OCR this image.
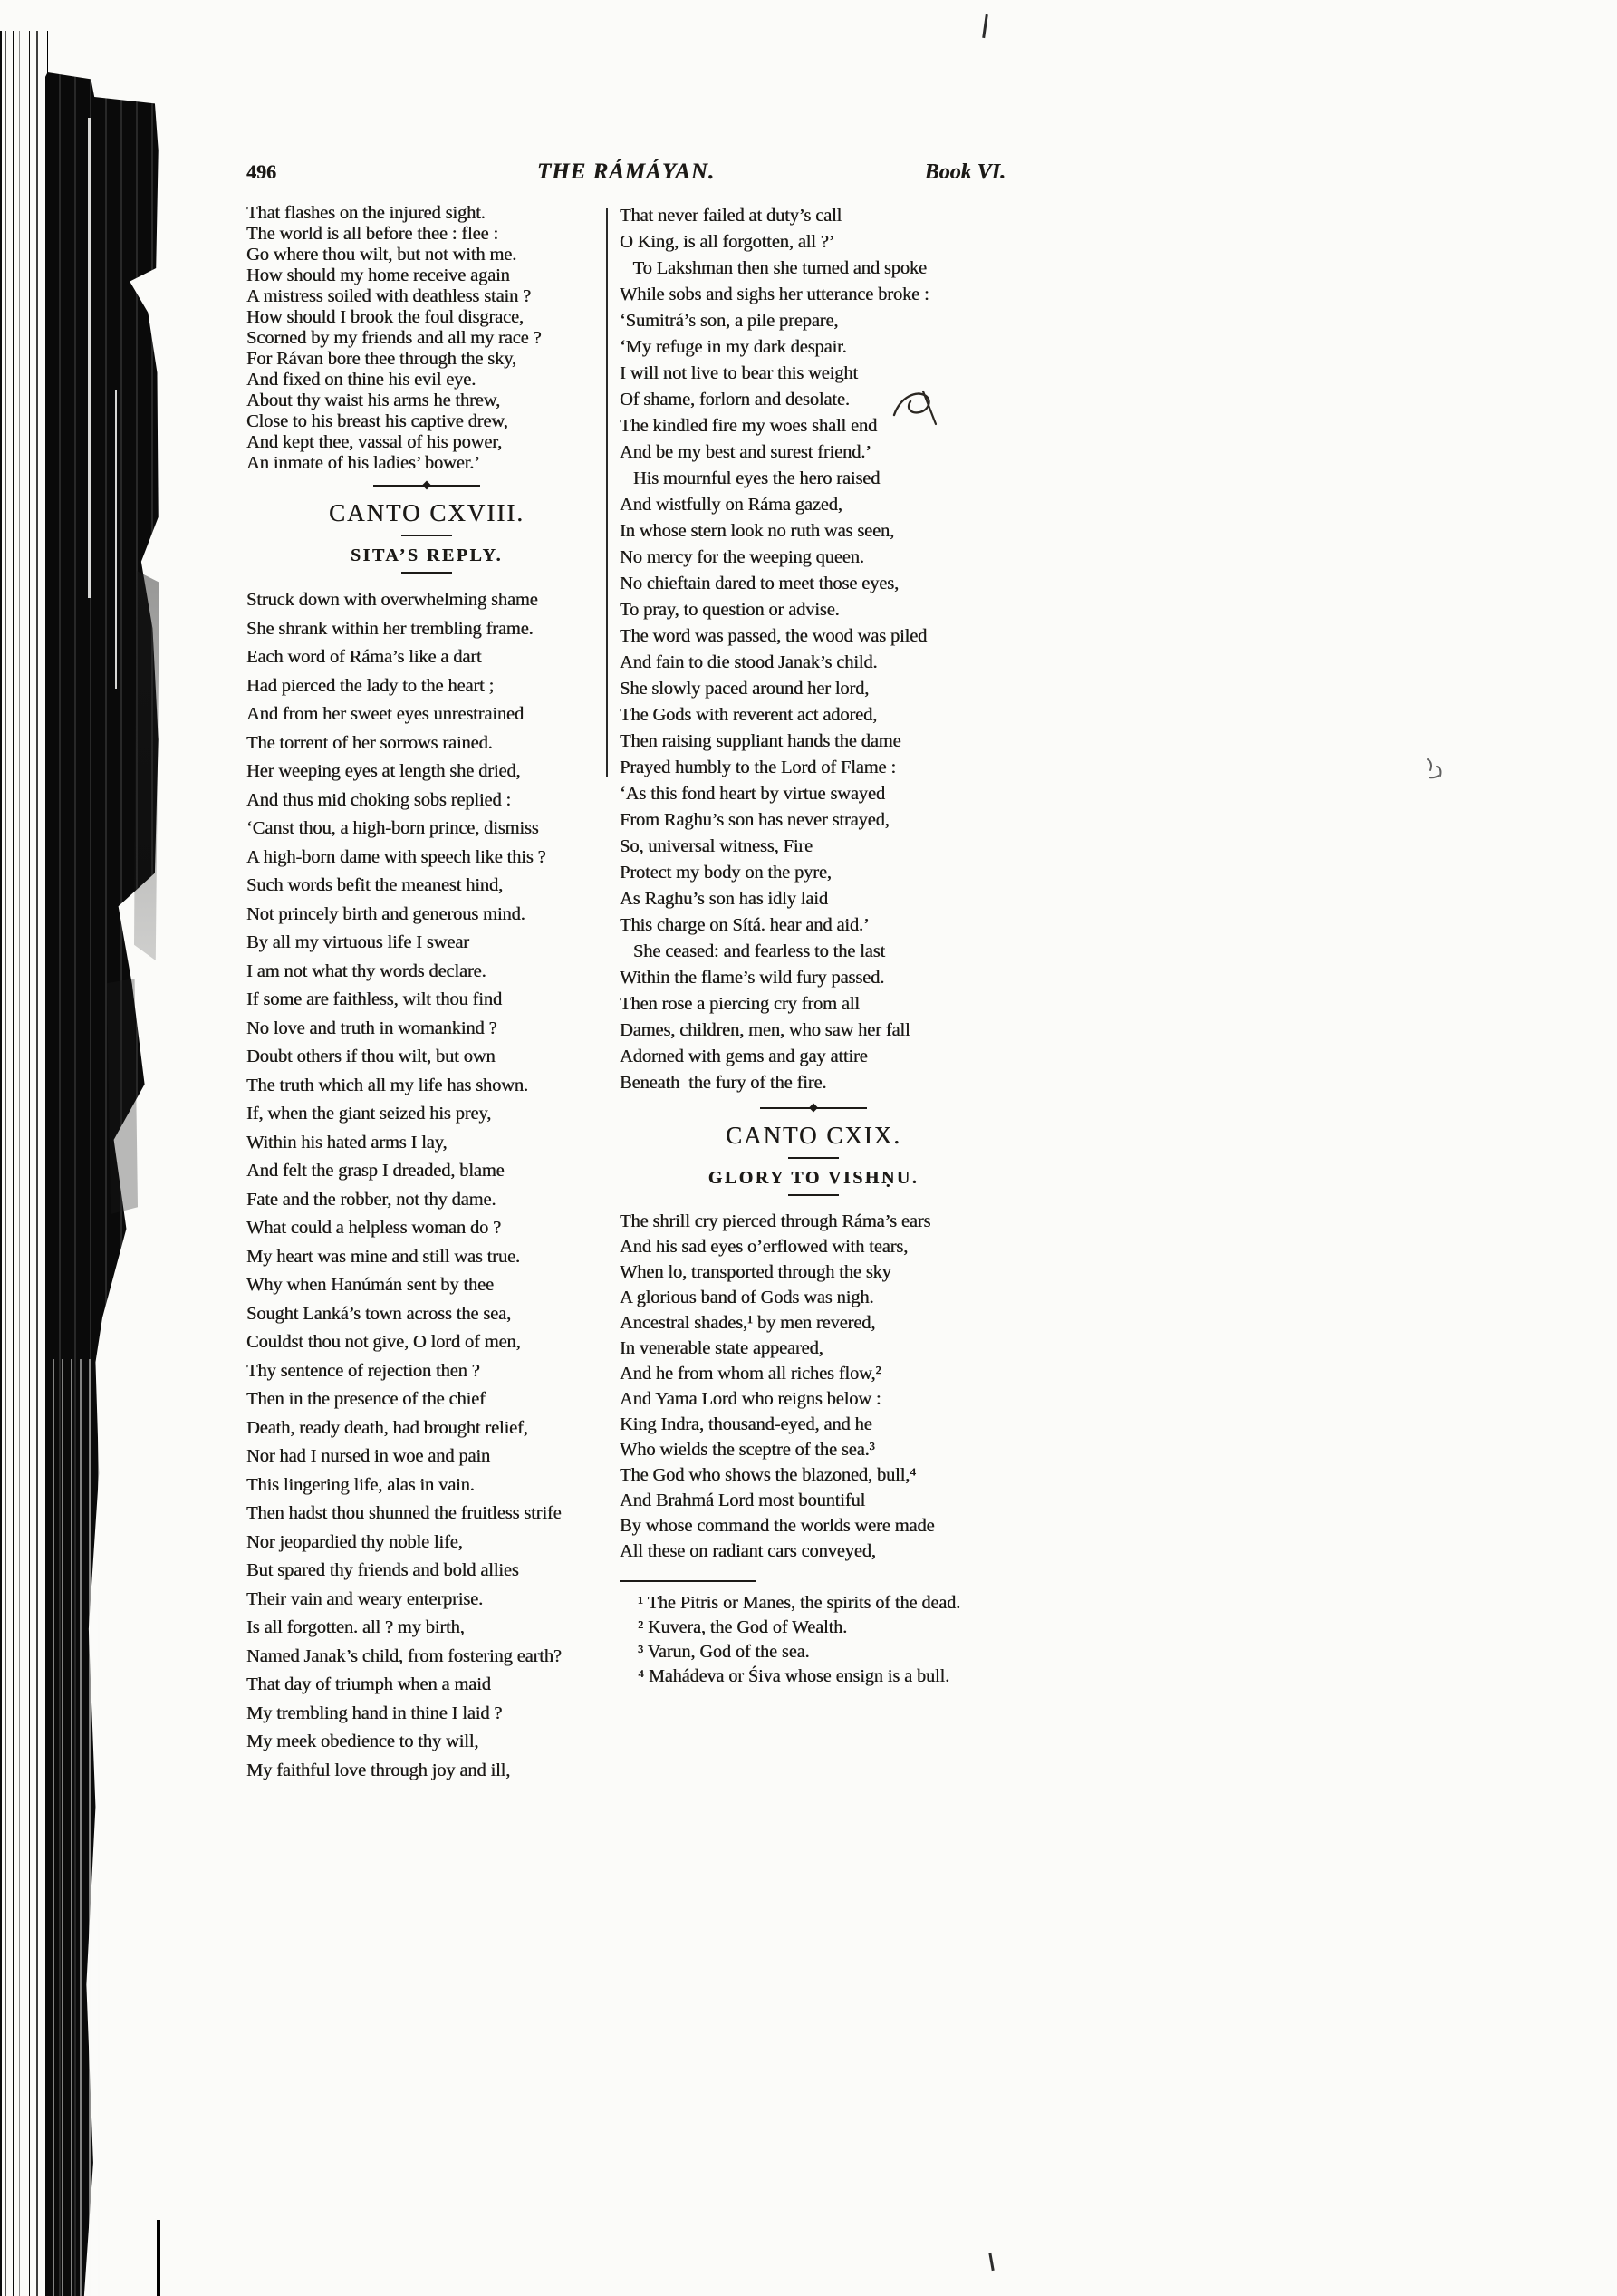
496	THE RÁMÁYAN.	Book VI.
That flashes on the injured sight.
The world is all before thee : flee :
Go where thou wilt, but not with me.
How should my home receive again
A mistress soiled with deathless stain ?
How should I brook the foul disgrace,
Scorned by my friends and all my race ?
For Rávan bore thee through the sky,
And fixed on thine his evil eye.
About thy waist his arms he threw,
Close to his breast his captive drew,
And kept thee, vassal of his power,
An inmate of his ladies’ bower.’
CANTO CXVIII.
SITA’S REPLY.
Struck down with overwhelming shame
She shrank within her trembling frame.
Each word of Ráma’s like a dart
Had pierced the lady to the heart ;
And from her sweet eyes unrestrained
The torrent of her sorrows rained.
Her weeping eyes at length she dried,
And thus mid choking sobs replied :
‘Canst thou, a high-born prince, dismiss
A high-born dame with speech like this ?
Such words befit the meanest hind,
Not princely birth and generous mind.
By all my virtuous life I swear
I am not what thy words declare.
If some are faithless, wilt thou find
No love and truth in womankind ?
Doubt others if thou wilt, but own
The truth which all my life has shown.
If, when the giant seized his prey,
Within his hated arms I lay,
And felt the grasp I dreaded, blame
Fate and the robber, not thy dame.
What could a helpless woman do ?
My heart was mine and still was true.
Why when Hanúmán sent by thee
Sought Lanká’s town across the sea,
Couldst thou not give, O lord of men,
Thy sentence of rejection then ?
Then in the presence of the chief
Death, ready death, had brought relief,
Nor had I nursed in woe and pain
This lingering life, alas in vain.
Then hadst thou shunned the fruitless strife
Nor jeopardied thy noble life,
But spared thy friends and bold allies
Their vain and weary enterprise.
Is all forgotten. all ? my birth,
Named Janak’s child, from fostering earth?
That day of triumph when a maid
My trembling hand in thine I laid ?
My meek obedience to thy will,
My faithful love through joy and ill,
That never failed at duty’s call—
O King, is all forgotten, all ?’
To Lakshman then she turned and spoke
While sobs and sighs her utterance broke :
‘Sumitrá’s son, a pile prepare,
‘My refuge in my dark despair.
I will not live to bear this weight
Of shame, forlorn and desolate.
The kindled fire my woes shall end
And be my best and surest friend.’
His mournful eyes the hero raised
And wistfully on Ráma gazed,
In whose stern look no ruth was seen,
No mercy for the weeping queen.
No chieftain dared to meet those eyes,
To pray, to question or advise.
The word was passed, the wood was piled
And fain to die stood Janak’s child.
She slowly paced around her lord,
The Gods with reverent act adored,
Then raising suppliant hands the dame
Prayed humbly to the Lord of Flame :
‘As this fond heart by virtue swayed
From Raghu’s son has never strayed,
So, universal witness, Fire
Protect my body on the pyre,
As Raghu’s son has idly laid
This charge on Sítá. hear and aid.’
She ceased: and fearless to the last
Within the flame’s wild fury passed.
Then rose a piercing cry from all
Dames, children, men, who saw her fall
Adorned with gems and gay attire
Beneath  the fury of the fire.
CANTO CXIX.
GLORY TO VISHṆU.
The shrill cry pierced through Ráma’s ears
And his sad eyes o’erflowed with tears,
When lo, transported through the sky
A glorious band of Gods was nigh.
Ancestral shades,¹ by men revered,
In venerable state appeared,
And he from whom all riches flow,²
And Yama Lord who reigns below :
King Indra, thousand-eyed, and he
Who wields the sceptre of the sea.³
The God who shows the blazoned, bull,⁴
And Brahmá Lord most bountiful
By whose command the worlds were made
All these on radiant cars conveyed,
¹ The Pitris or Manes, the spirits of the dead.
² Kuvera, the God of Wealth.
³ Varun, God of the sea.
⁴ Mahádeva or Śiva whose ensign is a bull.
